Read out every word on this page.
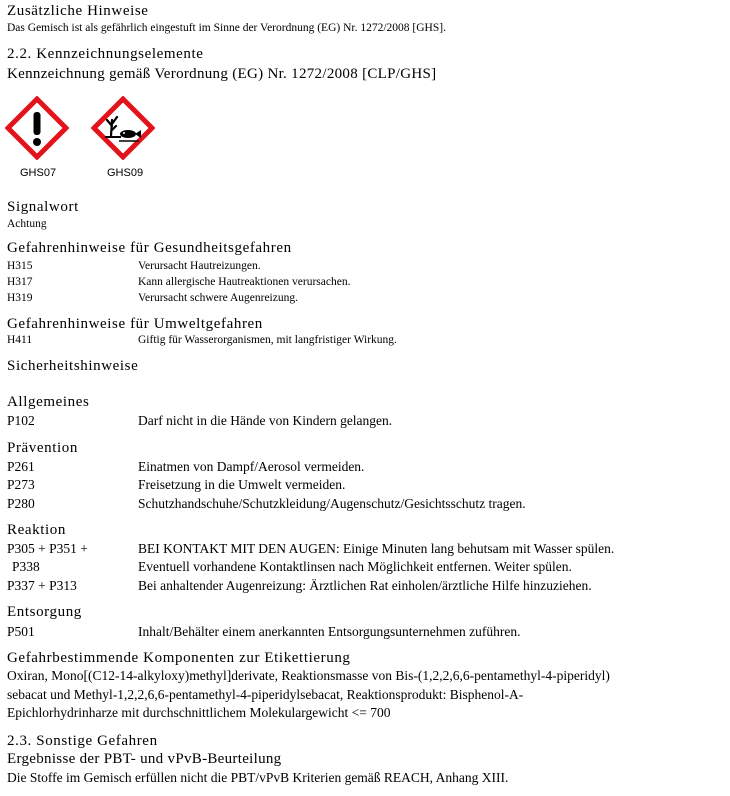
Zusätzliche Hinweise
Das Gemisch ist als gefährlich eingestuft im Sinne der Verordnung (EG) Nr. 1272/2008 [GHS].
2.2. Kennzeichnungselemente
Kennzeichnung gemäß Verordnung (EG) Nr. 1272/2008 [CLP/GHS]
GHS07	GHS09
Signalwort
Achtung
Gefahrenhinweise für Gesundheitsgefahren
H315	Verursacht Hautreizungen.
H317	Kann allergische Hautreaktionen verursachen.
H319	Verursacht schwere Augenreizung.
Gefahrenhinweise für Umweltgefahren
H411	Giftig für Wasserorganismen, mit langfristiger Wirkung.
Sicherheitshinweise
Allgemeines
P102	Darf nicht in die Hände von Kindern gelangen.
Prävention
P261	Einatmen von Dampf/Aerosol vermeiden.
P273	Freisetzung in die Umwelt vermeiden.
P280	Schutzhandschuhe/Schutzkleidung/Augenschutz/Gesichtsschutz tragen.
Reaktion
P305 + P351 +	BEI KONTAKT MIT DEN AUGEN: Einige Minuten lang behutsam mit Wasser spülen.
P338	Eventuell vorhandene Kontaktlinsen nach Möglichkeit entfernen. Weiter spülen.
P337 + P313	Bei anhaltender Augenreizung: Ärztlichen Rat einholen/ärztliche Hilfe hinzuziehen.
Entsorgung
P501	Inhalt/Behälter einem anerkannten Entsorgungsunternehmen zuführen.
Gefahrbestimmende Komponenten zur Etikettierung
Oxiran, Mono[(C12-14-alkyloxy)methyl]derivate, Reaktionsmasse von Bis-(1,2,2,6,6-pentamethyl-4-piperidyl)
sebacat und Methyl-1,2,2,6,6-pentamethyl-4-piperidylsebacat, Reaktionsprodukt: Bisphenol-A-
Epichlorhydrinharze mit durchschnittlichem Molekulargewicht <= 700
2.3. Sonstige Gefahren
Ergebnisse der PBT- und vPvB-Beurteilung
Die Stoffe im Gemisch erfüllen nicht die PBT/vPvB Kriterien gemäß REACH, Anhang XIII.
